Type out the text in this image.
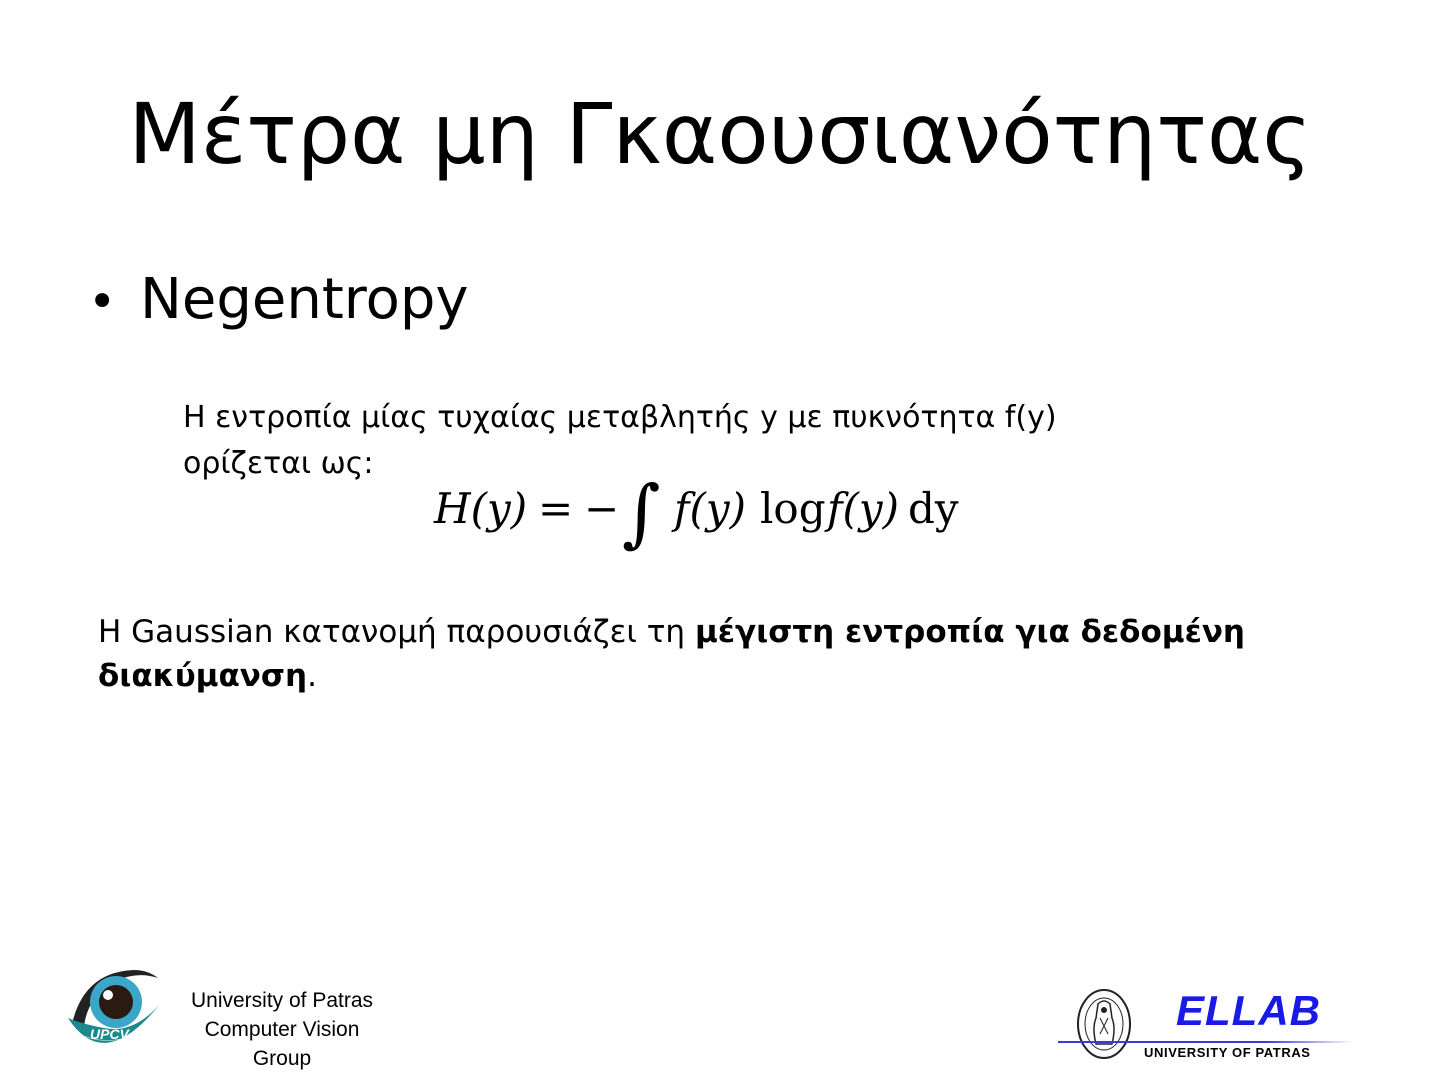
Μέτρα μη Γκαουσιανότητας
• Negentropy
Η εντροπία μίας τυχαίας μεταβλητής y με πυκνότητα f(y) ορίζεται ως:
H(y) = − ∫ f(y) log f(y) dy
Η Gaussian κατανομή παρουσιάζει τη μέγιστη εντροπία για δεδομένη διακύμανση.
UPCV
University of Patras
Computer Vision
Group
ELLAB
UNIVERSITY OF PATRAS
